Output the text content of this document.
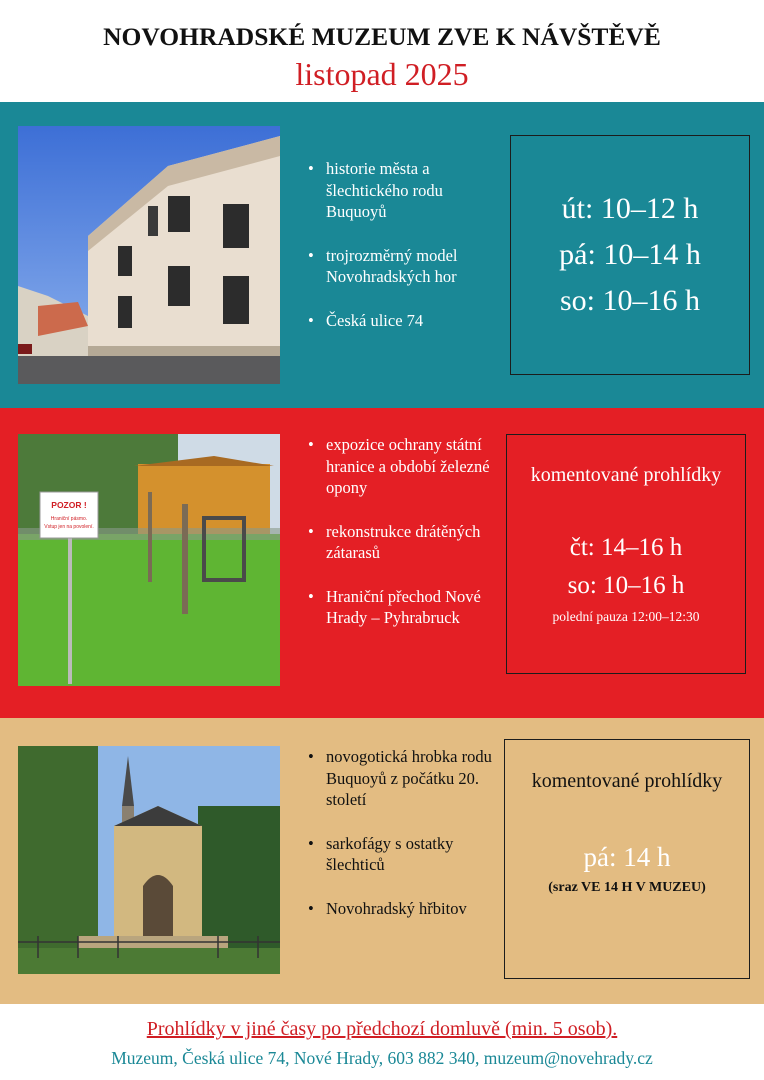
NOVOHRADSKÉ MUZEUM ZVE K NÁVŠTĚVĚ
listopad 2025
• historie města a šlechtického rodu Buquoyů
• trojrozměrný model Novohradských hor
• Česká ulice 74
út: 10–12 h
pá: 10–14 h
so: 10–16 h
POZOR !
Hraniční pásmo.
Vstup jen na povolení.
• expozice ochrany státní hranice a období železné opony
• rekonstrukce drátěných zátarasů
• Hraniční přechod Nové Hrady – Pyhrabruck
komentované prohlídky
čt: 14–16 h
so: 10–16 h
polední pauza 12:00–12:30
• novogotická hrobka rodu Buquoyů z počátku 20. století
• sarkofágy s ostatky šlechticů
• Novohradský hřbitov
komentované prohlídky
pá: 14 h
(sraz VE 14 H V MUZEU)
Prohlídky v jiné časy po předchozí domluvě (min. 5 osob).
Muzeum, Česká ulice 74, Nové Hrady, 603 882 340, muzeum@novehrady.cz
